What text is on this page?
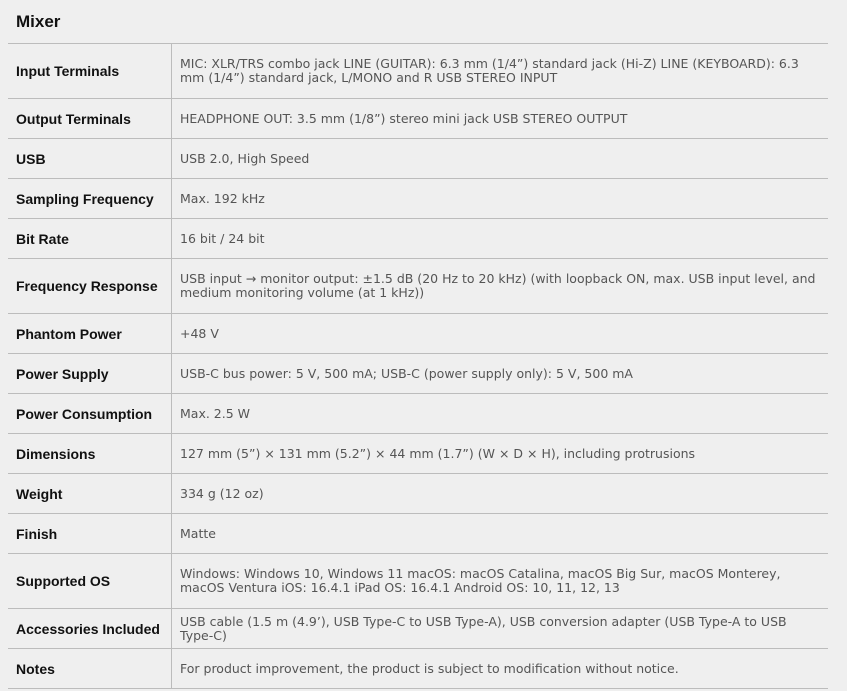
Mixer
Input Terminals	MIC: XLR/TRS combo jack LINE (GUITAR): 6.3 mm (1/4”) standard jack (Hi-Z) LINE (KEYBOARD): 6.3 mm (1/4”) standard jack, L/MONO and R USB STEREO INPUT
Output Terminals	HEADPHONE OUT: 3.5 mm (1/8”) stereo mini jack USB STEREO OUTPUT
USB	USB 2.0, High Speed
Sampling Frequency	Max. 192 kHz
Bit Rate	16 bit / 24 bit
Frequency Response	USB input → monitor output: ±1.5 dB (20 Hz to 20 kHz) (with loopback ON, max. USB input level, and medium monitoring volume (at 1 kHz))
Phantom Power	+48 V
Power Supply	USB-C bus power: 5 V, 500 mA; USB-C (power supply only): 5 V, 500 mA
Power Consumption	Max. 2.5 W
Dimensions	127 mm (5”) × 131 mm (5.2”) × 44 mm (1.7”) (W × D × H), including protrusions
Weight	334 g (12 oz)
Finish	Matte
Supported OS	Windows: Windows 10, Windows 11 macOS: macOS Catalina, macOS Big Sur, macOS Monterey, macOS Ventura iOS: 16.4.1 iPad OS: 16.4.1 Android OS: 10, 11, 12, 13
Accessories Included	USB cable (1.5 m (4.9’), USB Type-C to USB Type-A), USB conversion adapter (USB Type-A to USB Type-C)
Notes	For product improvement, the product is subject to modification without notice.
